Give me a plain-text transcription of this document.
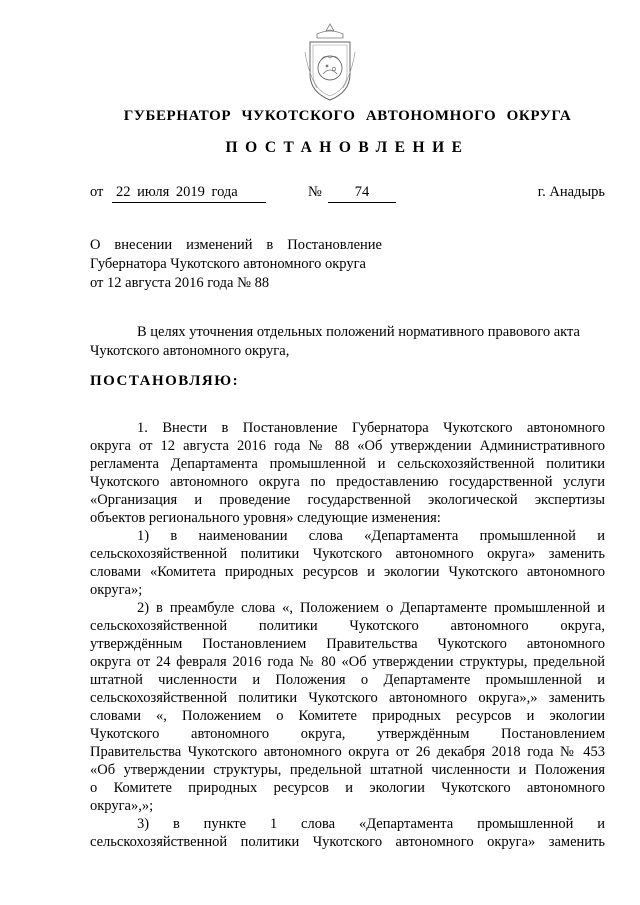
ГУБЕРНАТОР ЧУКОТСКОГО АВТОНОМНОГО ОКРУГА
ПОСТАНОВЛЕНИЕ
от 22 июля 2019 года	№	74	г. Анадырь
О внесении изменений в Постановление
Губернатора Чукотского автономного округа
от 12 августа 2016 года № 88
В целях уточнения отдельных положений нормативного правового акта
Чукотского автономного округа,
ПОСТАНОВЛЯЮ:
1. Внести в Постановление Губернатора Чукотского автономного
округа от 12 августа 2016 года № 88 «Об утверждении Административного
регламента Департамента промышленной и сельскохозяйственной политики
Чукотского автономного округа по предоставлению государственной услуги
«Организация и проведение государственной экологической экспертизы
объектов регионального уровня» следующие изменения:
1) в наименовании слова «Департамента промышленной и
сельскохозяйственной политики Чукотского автономного округа» заменить
словами «Комитета природных ресурсов и экологии Чукотского автономного
округа»;
2) в преамбуле слова «, Положением о Департаменте промышленной и
сельскохозяйственной политики Чукотского автономного округа,
утверждённым Постановлением Правительства Чукотского автономного
округа от 24 февраля 2016 года № 80 «Об утверждении структуры, предельной
штатной численности и Положения о Департаменте промышленной и
сельскохозяйственной политики Чукотского автономного округа»,» заменить
словами «, Положением о Комитете природных ресурсов и экологии
Чукотского автономного округа, утверждённым Постановлением
Правительства Чукотского автономного округа от 26 декабря 2018 года № 453
«Об утверждении структуры, предельной штатной численности и Положения
о Комитете природных ресурсов и экологии Чукотского автономного
округа»,»;
3) в пункте 1 слова «Департамента промышленной и
сельскохозяйственной политики Чукотского автономного округа» заменить
